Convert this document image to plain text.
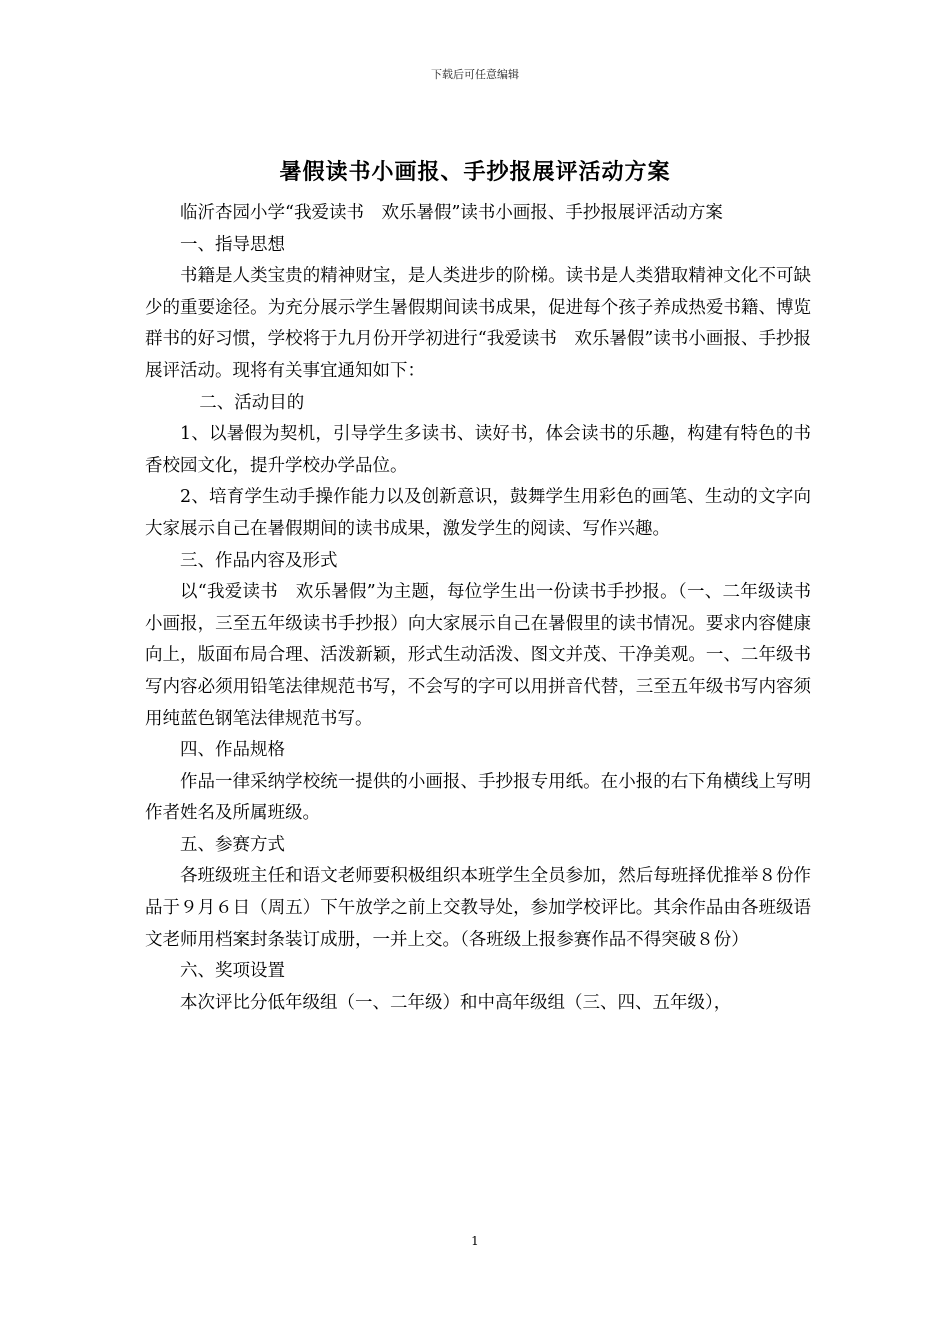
下载后可任意编辑
暑假读书小画报、手抄报展评活动方案

临沂杏园小学“我爱读书　欢乐暑假”读书小画报、手抄报展评活动方案

一、指导思想

书籍是人类宝贵的精神财宝，是人类进步的阶梯。读书是人类猎取精神文化不可缺少的重要途径。为充分展示学生暑假期间读书成果，促进每个孩子养成热爱书籍、博览群书的好习惯，学校将于九月份开学初进行“我爱读书　欢乐暑假”读书小画报、手抄报展评活动。现将有关事宜通知如下：

二、活动目的

1、以暑假为契机，引导学生多读书、读好书，体会读书的乐趣，构建有特色的书香校园文化，提升学校办学品位。

2、培育学生动手操作能力以及创新意识，鼓舞学生用彩色的画笔、生动的文字向大家展示自己在暑假期间的读书成果，激发学生的阅读、写作兴趣。

三、作品内容及形式

以“我爱读书　欢乐暑假”为主题，每位学生出一份读书手抄报。（一、二年级读书小画报，三至五年级读书手抄报）向大家展示自己在暑假里的读书情况。要求内容健康向上，版面布局合理、活泼新颖，形式生动活泼、图文并茂、干净美观。一、二年级书写内容必须用铅笔法律规范书写，不会写的字可以用拼音代替，三至五年级书写内容须用纯蓝色钢笔法律规范书写。

四、作品规格

作品一律采纳学校统一提供的小画报、手抄报专用纸。在小报的右下角横线上写明作者姓名及所属班级。

五、参赛方式

各班级班主任和语文老师要积极组织本班学生全员参加，然后每班择优推举８份作品于９月６日（周五）下午放学之前上交教导处，参加学校评比。其余作品由各班级语文老师用档案封条装订成册，一并上交。（各班级上报参赛作品不得突破８份）

六、奖项设置

本次评比分低年级组（一、二年级）和中高年级组（三、四、五年级），

1
